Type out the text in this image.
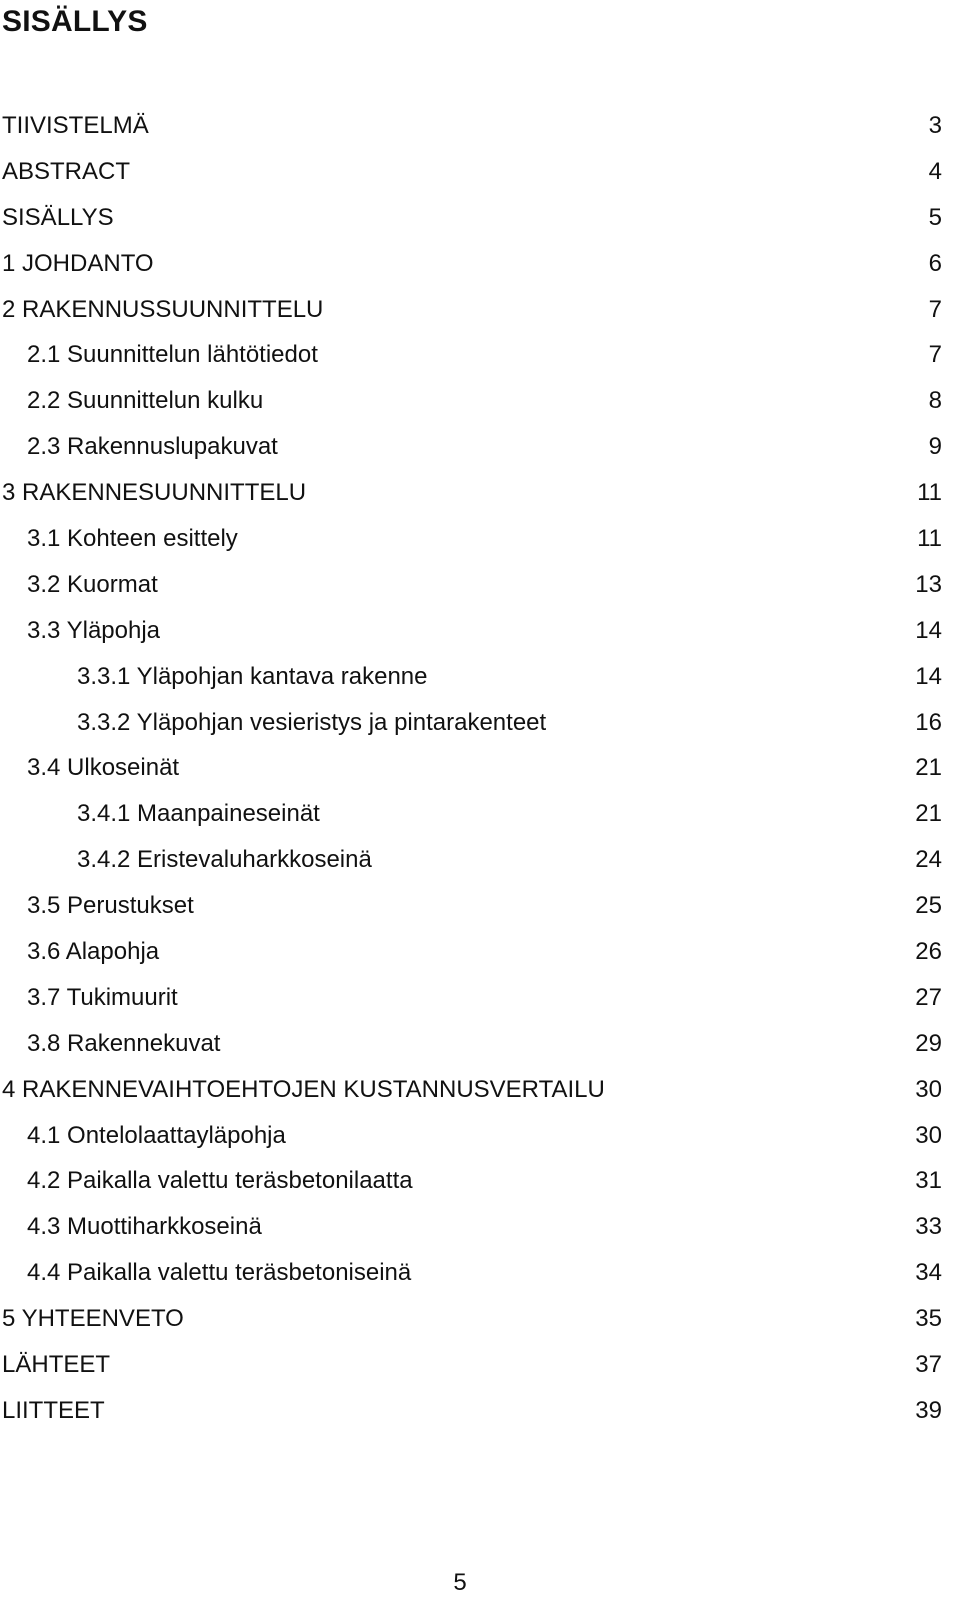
SISÄLLYS
TIIVISTELMÄ	3
ABSTRACT	4
SISÄLLYS	5
1 JOHDANTO	6
2 RAKENNUSSUUNNITTELU	7
2.1 Suunnittelun lähtötiedot	7
2.2 Suunnittelun kulku	8
2.3 Rakennuslupakuvat	9
3 RAKENNESUUNNITTELU	11
3.1 Kohteen esittely	11
3.2 Kuormat	13
3.3 Yläpohja	14
3.3.1 Yläpohjan kantava rakenne	14
3.3.2 Yläpohjan vesieristys ja pintarakenteet	16
3.4 Ulkoseinät	21
3.4.1 Maanpaineseinät	21
3.4.2 Eristevaluharkkoseinä	24
3.5 Perustukset	25
3.6 Alapohja	26
3.7 Tukimuurit	27
3.8 Rakennekuvat	29
4 RAKENNEVAIHTOEHTOJEN KUSTANNUSVERTAILU	30
4.1 Ontelolaattayläpohja	30
4.2 Paikalla valettu teräsbetonilaatta	31
4.3 Muottiharkkoseinä	33
4.4 Paikalla valettu teräsbetoniseinä	34
5 YHTEENVETO	35
LÄHTEET	37
LIITTEET	39
5
